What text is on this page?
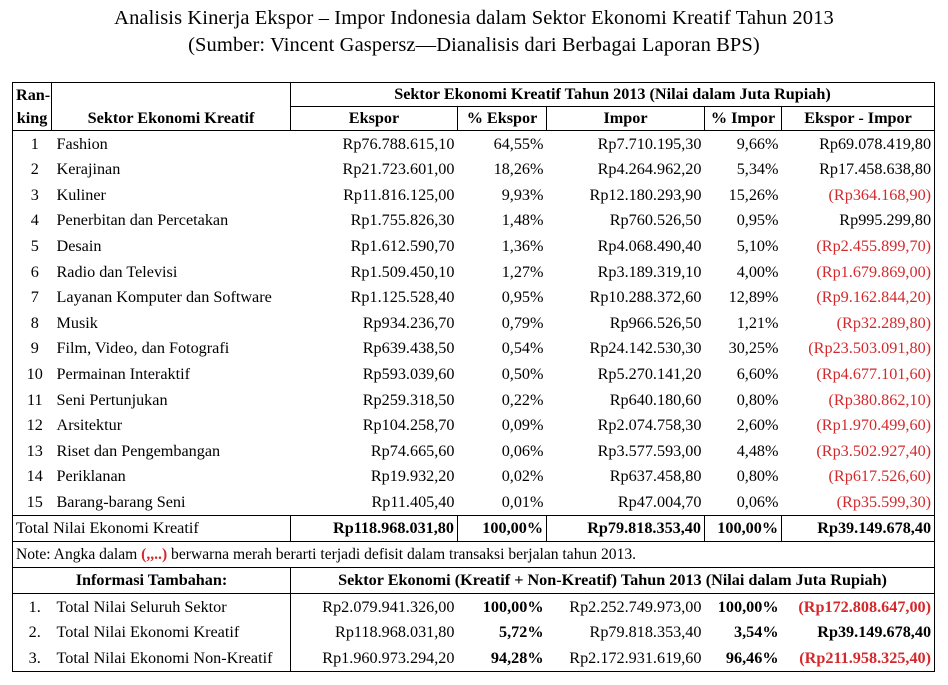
Analisis Kinerja Ekspor – Impor Indonesia dalam Sektor Ekonomi Kreatif Tahun 2013
(Sumber: Vincent Gaspersz—Dianalisis dari Berbagai Laporan BPS)
Ran-		Sektor Ekonomi Kreatif Tahun 2013 (Nilai dalam Juta Rupiah)				
king	Sektor Ekonomi Kreatif	Ekspor	% Ekspor	Impor	% Impor	Ekspor - Impor
1	Fashion	Rp76.788.615,10	64,55%	Rp7.710.195,30	9,66%	Rp69.078.419,80
2	Kerajinan	Rp21.723.601,00	18,26%	Rp4.264.962,20	5,34%	Rp17.458.638,80
3	Kuliner	Rp11.816.125,00	9,93%	Rp12.180.293,90	15,26%	(Rp364.168,90)
4	Penerbitan dan Percetakan	Rp1.755.826,30	1,48%	Rp760.526,50	0,95%	Rp995.299,80
5	Desain	Rp1.612.590,70	1,36%	Rp4.068.490,40	5,10%	(Rp2.455.899,70)
6	Radio dan Televisi	Rp1.509.450,10	1,27%	Rp3.189.319,10	4,00%	(Rp1.679.869,00)
7	Layanan Komputer dan Software	Rp1.125.528,40	0,95%	Rp10.288.372,60	12,89%	(Rp9.162.844,20)
8	Musik	Rp934.236,70	0,79%	Rp966.526,50	1,21%	(Rp32.289,80)
9	Film, Video, dan Fotografi	Rp639.438,50	0,54%	Rp24.142.530,30	30,25%	(Rp23.503.091,80)
10	Permainan Interaktif	Rp593.039,60	0,50%	Rp5.270.141,20	6,60%	(Rp4.677.101,60)
11	Seni Pertunjukan	Rp259.318,50	0,22%	Rp640.180,60	0,80%	(Rp380.862,10)
12	Arsitektur	Rp104.258,70	0,09%	Rp2.074.758,30	2,60%	(Rp1.970.499,60)
13	Riset dan Pengembangan	Rp74.665,60	0,06%	Rp3.577.593,00	4,48%	(Rp3.502.927,40)
14	Periklanan	Rp19.932,20	0,02%	Rp637.458,80	0,80%	(Rp617.526,60)
15	Barang-barang Seni	Rp11.405,40	0,01%	Rp47.004,70	0,06%	(Rp35.599,30)
Total Nilai Ekonomi Kreatif		Rp118.968.031,80	100,00%	Rp79.818.353,40	100,00%	Rp39.149.678,40
Note: Angka dalam (,,..) berwarna merah berarti terjadi defisit dalam transaksi berjalan tahun 2013.						
Informasi Tambahan:		Sektor Ekonomi (Kreatif + Non-Kreatif) Tahun 2013 (Nilai dalam Juta Rupiah)				
1.	Total Nilai Seluruh Sektor	Rp2.079.941.326,00	100,00%	Rp2.252.749.973,00	100,00%	(Rp172.808.647,00)
2.	Total Nilai Ekonomi Kreatif	Rp118.968.031,80	5,72%	Rp79.818.353,40	3,54%	Rp39.149.678,40
3.	Total Nilai Ekonomi Non-Kreatif	Rp1.960.973.294,20	94,28%	Rp2.172.931.619,60	96,46%	(Rp211.958.325,40)
